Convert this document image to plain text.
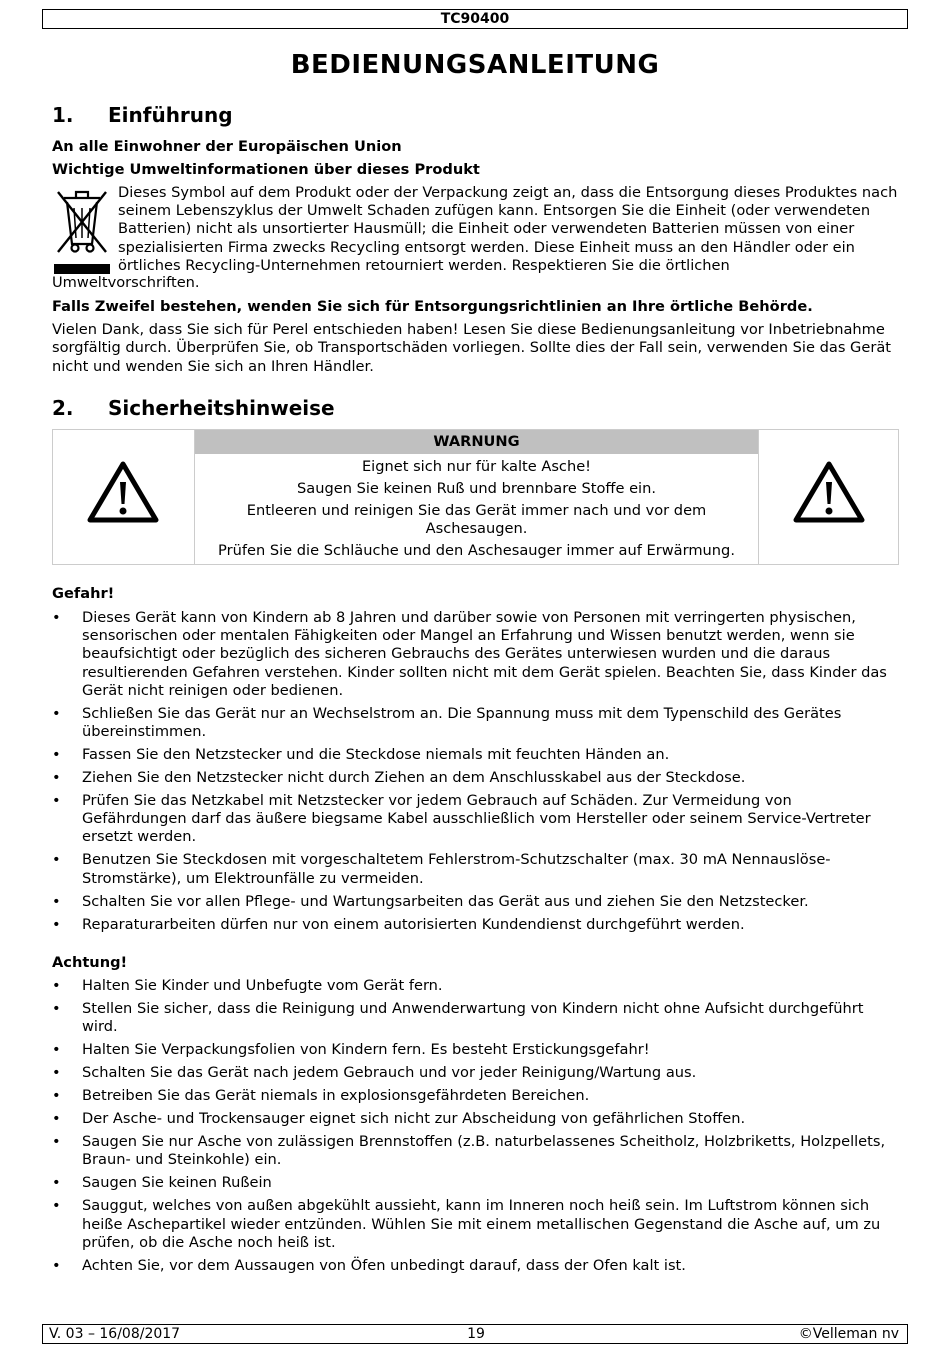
TC90400
BEDIENUNGSANLEITUNG
1. Einführung
An alle Einwohner der Europäischen Union
Wichtige Umweltinformationen über dieses Produkt
Dieses Symbol auf dem Produkt oder der Verpackung zeigt an, dass die Entsorgung dieses Produktes nach seinem Lebenszyklus der Umwelt Schaden zufügen kann. Entsorgen Sie die Einheit (oder verwendeten Batterien) nicht als unsortierter Hausmüll; die Einheit oder verwendeten Batterien müssen von einer spezialisierten Firma zwecks Recycling entsorgt werden. Diese Einheit muss an den Händler oder ein örtliches Recycling-Unternehmen retourniert werden. Respektieren Sie die örtlichen
Umweltvorschriften.
Falls Zweifel bestehen, wenden Sie sich für Entsorgungsrichtlinien an Ihre örtliche Behörde.
Vielen Dank, dass Sie sich für Perel entschieden haben! Lesen Sie diese Bedienungsanleitung vor Inbetriebnahme sorgfältig durch. Überprüfen Sie, ob Transportschäden vorliegen. Sollte dies der Fall sein, verwenden Sie das Gerät nicht und wenden Sie sich an Ihren Händler.
2. Sicherheitshinweise
WARNUNG
Eignet sich nur für kalte Asche!
Saugen Sie keinen Ruß und brennbare Stoffe ein.
Entleeren und reinigen Sie das Gerät immer nach und vor dem Aschesaugen.
Prüfen Sie die Schläuche und den Aschesauger immer auf Erwärmung.
Gefahr!
• Dieses Gerät kann von Kindern ab 8 Jahren und darüber sowie von Personen mit verringerten physischen, sensorischen oder mentalen Fähigkeiten oder Mangel an Erfahrung und Wissen benutzt werden, wenn sie beaufsichtigt oder bezüglich des sicheren Gebrauchs des Gerätes unterwiesen wurden und die daraus resultierenden Gefahren verstehen. Kinder sollten nicht mit dem Gerät spielen. Beachten Sie, dass Kinder das Gerät nicht reinigen oder bedienen.
• Schließen Sie das Gerät nur an Wechselstrom an. Die Spannung muss mit dem Typenschild des Gerätes übereinstimmen.
• Fassen Sie den Netzstecker und die Steckdose niemals mit feuchten Händen an.
• Ziehen Sie den Netzstecker nicht durch Ziehen an dem Anschlusskabel aus der Steckdose.
• Prüfen Sie das Netzkabel mit Netzstecker vor jedem Gebrauch auf Schäden. Zur Vermeidung von Gefährdungen darf das äußere biegsame Kabel ausschließlich vom Hersteller oder seinem Service-Vertreter ersetzt werden.
• Benutzen Sie Steckdosen mit vorgeschaltetem Fehlerstrom-Schutzschalter (max. 30 mA Nennauslöse-Stromstärke), um Elektrounfälle zu vermeiden.
• Schalten Sie vor allen Pflege- und Wartungsarbeiten das Gerät aus und ziehen Sie den Netzstecker.
• Reparaturarbeiten dürfen nur von einem autorisierten Kundendienst durchgeführt werden.
Achtung!
• Halten Sie Kinder und Unbefugte vom Gerät fern.
• Stellen Sie sicher, dass die Reinigung und Anwenderwartung von Kindern nicht ohne Aufsicht durchgeführt wird.
• Halten Sie Verpackungsfolien von Kindern fern. Es besteht Erstickungsgefahr!
• Schalten Sie das Gerät nach jedem Gebrauch und vor jeder Reinigung/Wartung aus.
• Betreiben Sie das Gerät niemals in explosionsgefährdeten Bereichen.
• Der Asche- und Trockensauger eignet sich nicht zur Abscheidung von gefährlichen Stoffen.
• Saugen Sie nur Asche von zulässigen Brennstoffen (z.B. naturbelassenes Scheitholz, Holzbriketts, Holzpellets, Braun- und Steinkohle) ein.
• Saugen Sie keinen Rußein
• Sauggut, welches von außen abgekühlt aussieht, kann im Inneren noch heiß sein. Im Luftstrom können sich heiße Aschepartikel wieder entzünden. Wühlen Sie mit einem metallischen Gegenstand die Asche auf, um zu prüfen, ob die Asche noch heiß ist.
• Achten Sie, vor dem Aussaugen von Öfen unbedingt darauf, dass der Ofen kalt ist.
V. 03 – 16/08/2017	19	©Velleman nv
